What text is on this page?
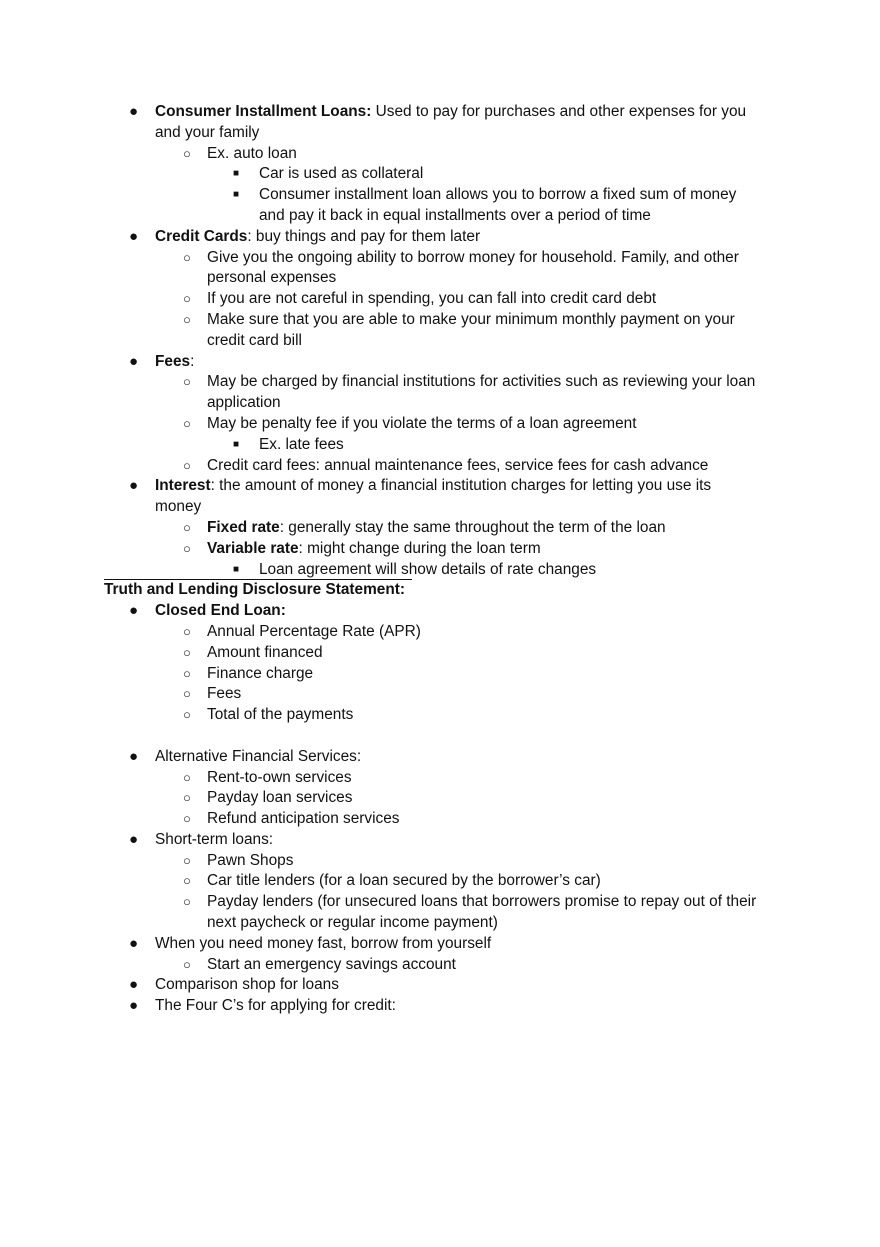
● Consumer Installment Loans: Used to pay for purchases and other expenses for you
and your family
○ Ex. auto loan
■ Car is used as collateral
■ Consumer installment loan allows you to borrow a fixed sum of money
and pay it back in equal installments over a period of time
● Credit Cards: buy things and pay for them later
○ Give you the ongoing ability to borrow money for household. Family, and other
personal expenses
○ If you are not careful in spending, you can fall into credit card debt
○ Make sure that you are able to make your minimum monthly payment on your
credit card bill
● Fees:
○ May be charged by financial institutions for activities such as reviewing your loan
application
○ May be penalty fee if you violate the terms of a loan agreement
■ Ex. late fees
○ Credit card fees: annual maintenance fees, service fees for cash advance
● Interest: the amount of money a financial institution charges for letting you use its
money
○ Fixed rate: generally stay the same throughout the term of the loan
○ Variable rate: might change during the loan term
■ Loan agreement will show details of rate changes
Truth and Lending Disclosure Statement:
● Closed End Loan:
○ Annual Percentage Rate (APR)
○ Amount financed
○ Finance charge
○ Fees
○ Total of the payments
● Alternative Financial Services:
○ Rent-to-own services
○ Payday loan services
○ Refund anticipation services
● Short-term loans:
○ Pawn Shops
○ Car title lenders (for a loan secured by the borrower’s car)
○ Payday lenders (for unsecured loans that borrowers promise to repay out of their
next paycheck or regular income payment)
● When you need money fast, borrow from yourself
○ Start an emergency savings account
● Comparison shop for loans
● The Four C’s for applying for credit:
